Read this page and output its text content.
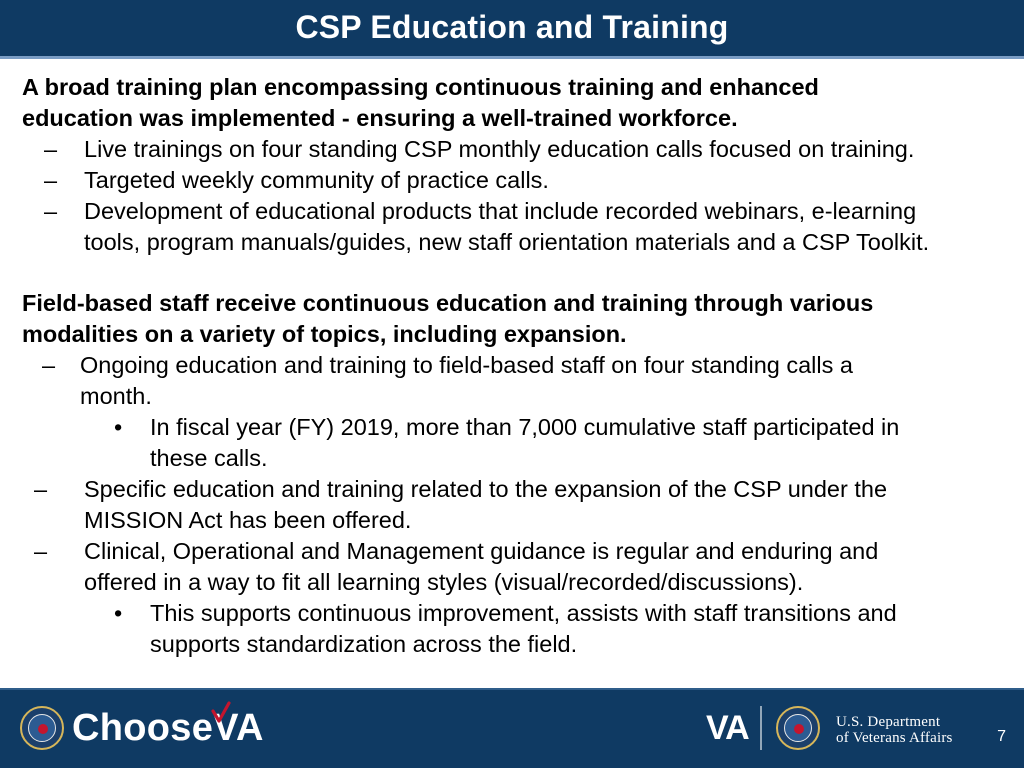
CSP Education and Training
A broad training plan encompassing continuous training and enhanced
education was implemented - ensuring a well-trained workforce.
– Live trainings on four standing CSP monthly education calls focused on training.
– Targeted weekly community of practice calls.
– Development of educational products that include recorded webinars, e-learning
tools, program manuals/guides, new staff orientation materials and a CSP Toolkit.
Field-based staff receive continuous education and training through various
modalities on a variety of topics, including expansion.
– Ongoing education and training to field-based staff on four standing calls a
month.
• In fiscal year (FY) 2019, more than 7,000 cumulative staff participated in
these calls.
– Specific education and training related to the expansion of the CSP under the
MISSION Act has been offered.
– Clinical, Operational and Management guidance is regular and enduring and
offered in a way to fit all learning styles (visual/recorded/discussions).
• This supports continuous improvement, assists with staff transitions and
supports standardization across the field.
Choose VA	VA	U.S. Department
of Veterans Affairs	7
